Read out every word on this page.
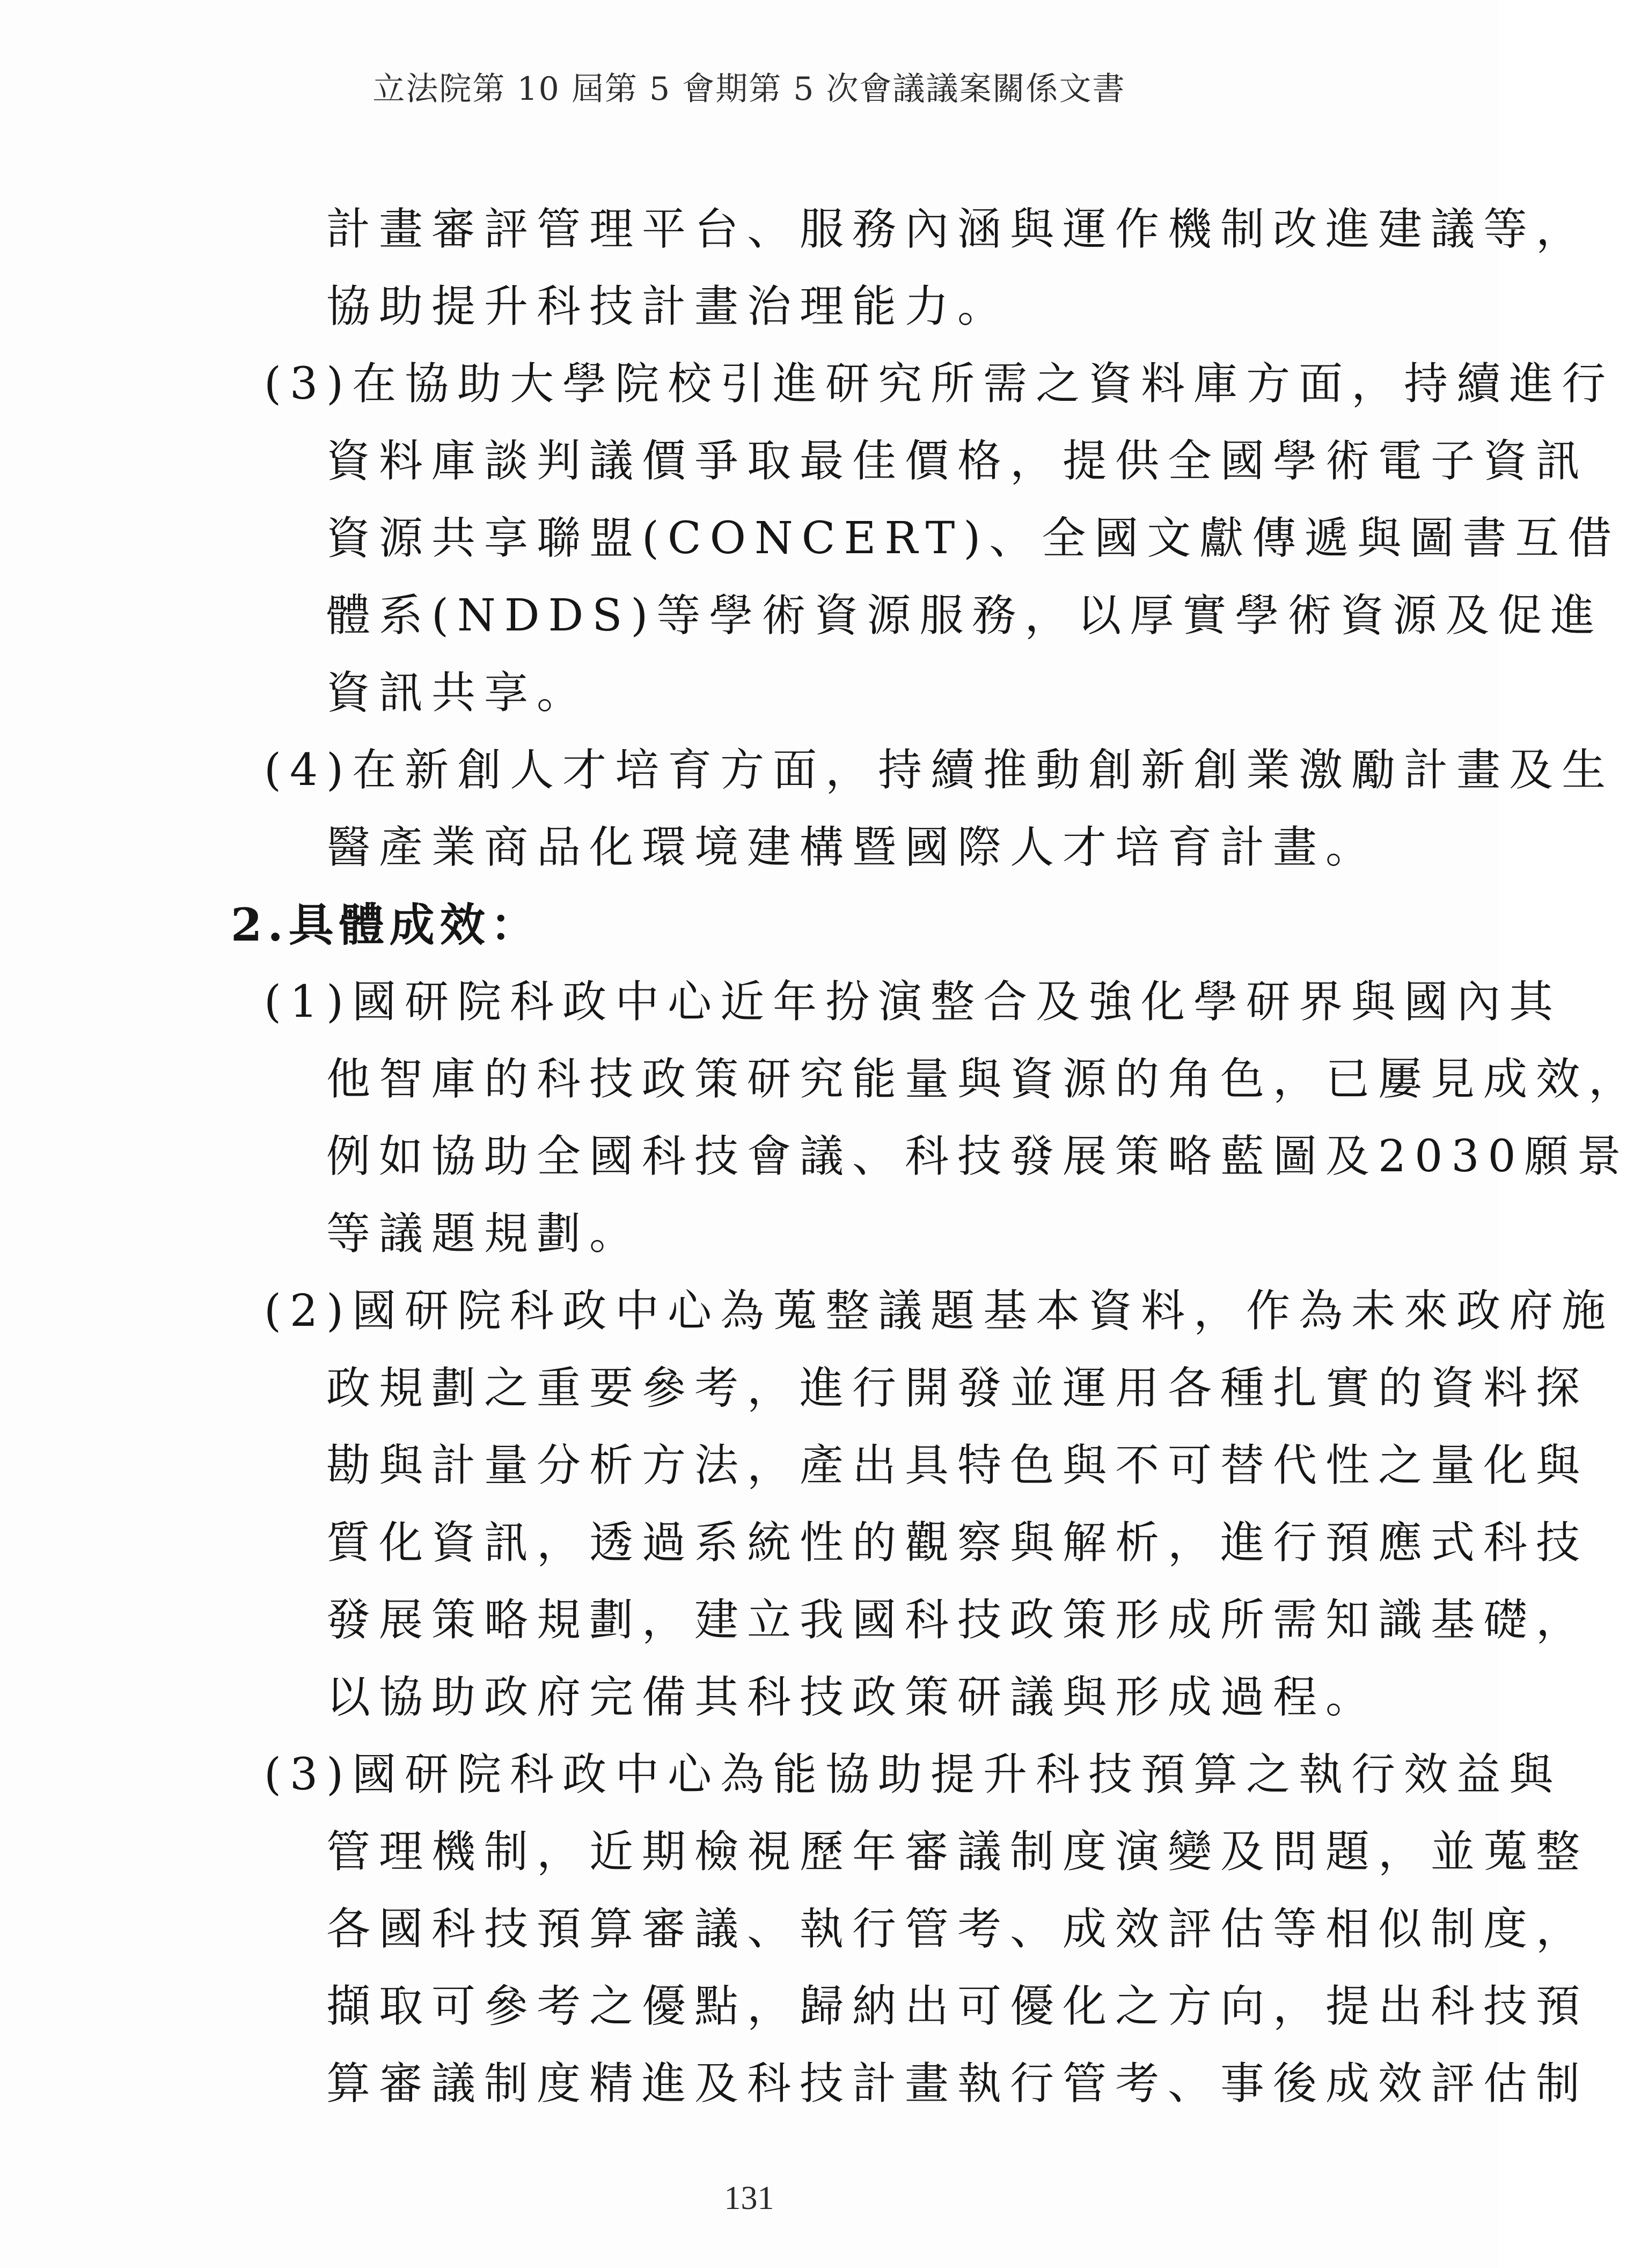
立法院第 10 屆第 5 會期第 5 次會議議案關係文書
計畫審評管理平台、服務內涵與運作機制改進建議等，
協助提升科技計畫治理能力。
(3)在協助大學院校引進研究所需之資料庫方面，持續進行
資料庫談判議價爭取最佳價格，提供全國學術電子資訊
資源共享聯盟(CONCERT)、全國文獻傳遞與圖書互借
體系(NDDS)等學術資源服務，以厚實學術資源及促進
資訊共享。
(4)在新創人才培育方面，持續推動創新創業激勵計畫及生
醫產業商品化環境建構暨國際人才培育計畫。
2.具體成效：
(1)國研院科政中心近年扮演整合及強化學研界與國內其
他智庫的科技政策研究能量與資源的角色，已屢見成效，
例如協助全國科技會議、科技發展策略藍圖及2030願景
等議題規劃。
(2)國研院科政中心為蒐整議題基本資料，作為未來政府施
政規劃之重要參考，進行開發並運用各種扎實的資料探
勘與計量分析方法，產出具特色與不可替代性之量化與
質化資訊，透過系統性的觀察與解析，進行預應式科技
發展策略規劃，建立我國科技政策形成所需知識基礎，
以協助政府完備其科技政策研議與形成過程。
(3)國研院科政中心為能協助提升科技預算之執行效益與
管理機制，近期檢視歷年審議制度演變及問題，並蒐整
各國科技預算審議、執行管考、成效評估等相似制度，
擷取可參考之優點，歸納出可優化之方向，提出科技預
算審議制度精進及科技計畫執行管考、事後成效評估制
131
